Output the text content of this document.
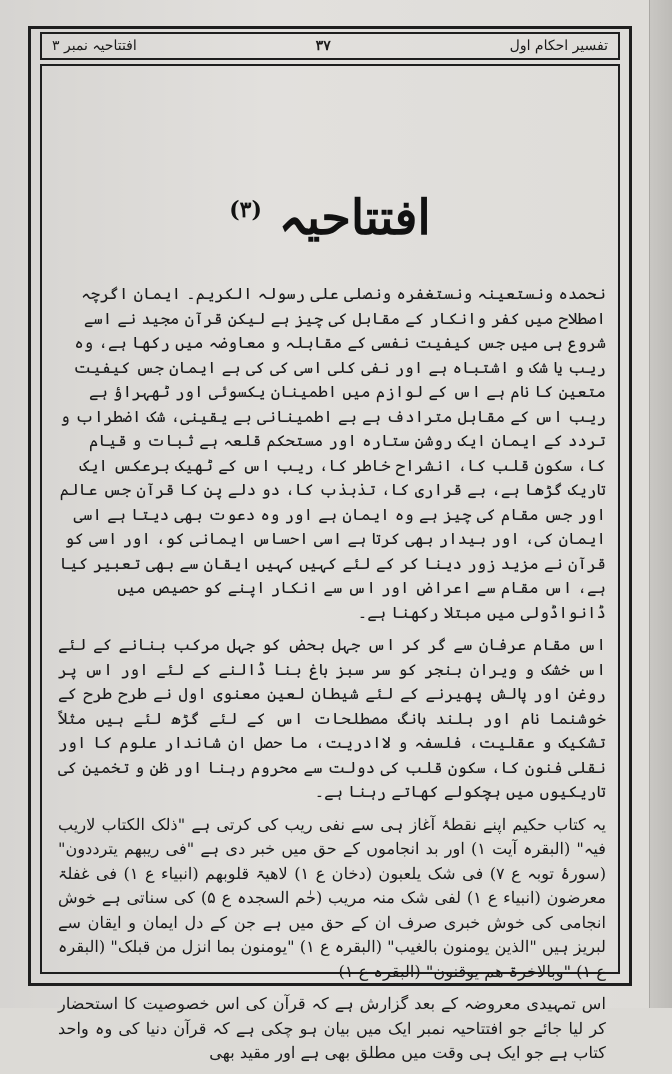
تفسیر احکام اول
۳۷
افتتاحیہ نمبر ۳
افتتاحیہ $^{(۳)}$

نحمدہ ونستعینہ ونستغفرہ ونصلی علی رسولہ الکریم۔ ایمان اگرچہ اصطلاح میں کفر وانکار کے مقابل کی چیز ہے لیکن قرآن مجید نے اسے شروع ہی میں جس کیفیت نفسی کے مقابلہ و معاوضہ میں رکھا ہے، وہ ریب یا شک و اشتباہ ہے اور نفی کلی اسی کی کی ہے ایمان جس کیفیت متعین کا نام ہے اس کے لوازم میں اطمینان یکسوئی اور ٹھہراؤ ہے ریب اس کے مقابل مترادف ہے بے اطمینانی بے یقینی، شک اضطراب و تردد کے ایمان ایک روشن ستارہ اور مستحکم قلعہ ہے ثبات و قیام کا، سکون قلب کا، انشراح خاطر کا، ریب اس کے ٹھیک برعکس ایک تاریک گڑھا ہے، بے قراری کا، تذبذب کا، دو دلے پن کا قرآن جس عالم اور جس مقام کی چیز ہے وہ ایمان ہے اور وہ دعوت بھی دیتا ہے اسی ایمان کی، اور بیدار بھی کرتا ہے اسی احساس ایمانی کو، اور اسی کو قرآن نے مزید زور دینا کر کے لئے کہیں کہیں ایقان سے بھی تعبیر کیا ہے، اس مقام سے اعراض اور اس سے انکار اپنے کو حصیص میں ڈانواڈولی میں مبتلا رکھنا ہے۔

اس مقام عرفان سے گر کر اس جہل بحض کو جہل مرکب بنانے کے لئے اس خشک و ویران بنجر کو سر سبز باغ بنا ڈالنے کے لئے اور اس پر روغن اور پالش پھیرنے کے لئے شیطان لعین معنوی اول نے طرح طرح کے خوشنما نام اور بلند بانگ مصطلحات اس کے لئے گڑھ لئے ہیں مثلاً تشکیک و عقلیت، فلسفہ و لاادریت، ما حصل ان شاندار علوم کا اور نقلی فنون کا، سکون قلب کی دولت سے محروم رہنا اور ظن و تخمین کی تاریکیوں میں ہچکولے کھاتے رہنا ہے۔

یہ کتاب حکیم اپنے نقطۂ آغاز ہی سے نفی ریب کی کرتی ہے "ذلک الکتاب لاریب فیہ" (البقرہ آیت ۱) اور بد انجاموں کے حق میں خبر دی ہے "فی ریبھم یترددون" (سورۂ توبہ ع ۷) فی شک یلعبون (دخان ع ۱) لاھیۃ قلوبھم (انبیاء ع ۱) فی غفلۃ معرضون (انبیاء ع ۱) لفی شک منہ مریب (حٰم السجدہ ع ۵) کی سناتی ہے خوش انجامی کی خوش خبری صرف ان کے حق میں ہے جن کے دل ایمان و ایقان سے لبریز ہیں "الذین یومنون بالغیب" (البقرہ ع ۱) "یومنون بما انزل من قبلک" (البقرہ ع ۱) "وبالاخرۃ ھم یوقنون" (البقرہ ع ۱)

اس تمہیدی معروضہ کے بعد گزارش ہے کہ قرآن کی اس خصوصیت کا استحضار کر لیا جائے جو افتتاحیہ نمبر ایک میں بیان ہو چکی ہے کہ قرآن دنیا کی وہ واحد کتاب ہے جو ایک ہی وقت میں مطلق بھی ہے اور مقید بھی
